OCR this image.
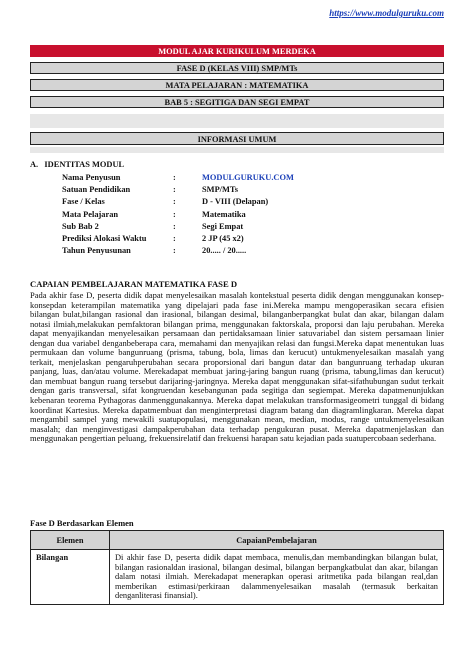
https://www.modulguruku.com
MODUL AJAR KURIKULUM MERDEKA
FASE D (KELAS VIII) SMP/MTs
MATA PELAJARAN : MATEMATIKA
BAB 5 : SEGITIGA DAN SEGI EMPAT
INFORMASI UMUM
A.   IDENTITAS MODUL
Nama Penyusun	:	MODULGURUKU.COM
Satuan Pendidikan	:	SMP/MTs
Fase / Kelas	:	D - VIII (Delapan)
Mata Pelajaran	:	Matematika
Sub Bab 2	:	Segi Empat
Prediksi Alokasi Waktu	:	2 JP (45 x2)
Tahun Penyusunan	:	20..... / 20.....
CAPAIAN PEMBELAJARAN MATEMATIKA FASE D
Pada akhir fase D, peserta didik dapat menyelesaikan masalah kontekstual peserta didik dengan menggunakan konsep-konsepdan keterampilan matematika yang dipelajari pada fase ini.Mereka mampu mengoperasikan secara efisien bilangan bulat,bilangan rasional dan irasional, bilangan desimal, bilanganberpangkat bulat dan akar, bilangan dalam notasi ilmiah,melakukan pemfaktoran bilangan prima, menggunakan faktorskala, proporsi dan laju perubahan. Mereka dapat menyajikandan menyelesaikan persamaan dan pertidaksamaan linier satuvariabel dan sistem persamaan linier dengan dua variabel denganbeberapa cara, memahami dan menyajikan relasi dan fungsi.Mereka dapat menentukan luas permukaan dan volume bangunruang (prisma, tabung, bola, limas dan kerucut) untukmenyelesaikan masalah yang terkait, menjelaskan pengaruhperubahan secara proporsional dari bangun datar dan bangunruang terhadap ukuran panjang, luas, dan/atau volume. Merekadapat membuat jaring-jaring bangun ruang (prisma, tabung,limas dan kerucut) dan membuat bangun ruang tersebut darijaring-jaringnya. Mereka dapat menggunakan sifat-sifathubungan sudut terkait dengan garis transversal, sifat kongruendan kesebangunan pada segitiga dan segiempat. Mereka dapatmenunjukkan kebenaran teorema Pythagoras danmenggunakannya. Mereka dapat melakukan transformasigeometri tunggal di bidang koordinat Kartesius. Mereka dapatmembuat dan menginterpretasi diagram batang dan diagramlingkaran. Mereka dapat mengambil sampel yang mewakili suatupopulasi, menggunakan mean, median, modus, range untukmenyelesaikan masalah; dan menginvestigasi dampakperubahan data terhadap pengukuran pusat. Mereka dapatmenjelaskan dan menggunakan pengertian peluang, frekuensirelatif dan frekuensi harapan satu kejadian pada suatupercobaan sederhana.
Fase D Berdasarkan Elemen
Elemen	CapaianPembelajaran
Bilangan	Di akhir fase D, peserta didik dapat membaca, menulis,dan membandingkan bilangan bulat, bilangan rasionaldan irasional, bilangan desimal, bilangan berpangkatbulat dan akar, bilangan dalam notasi ilmiah. Merekadapat menerapkan operasi aritmetika pada bilangan real,dan memberikan estimasi/perkiraan dalammenyelesaikan masalah (termasuk berkaitan denganliterasi finansial).
